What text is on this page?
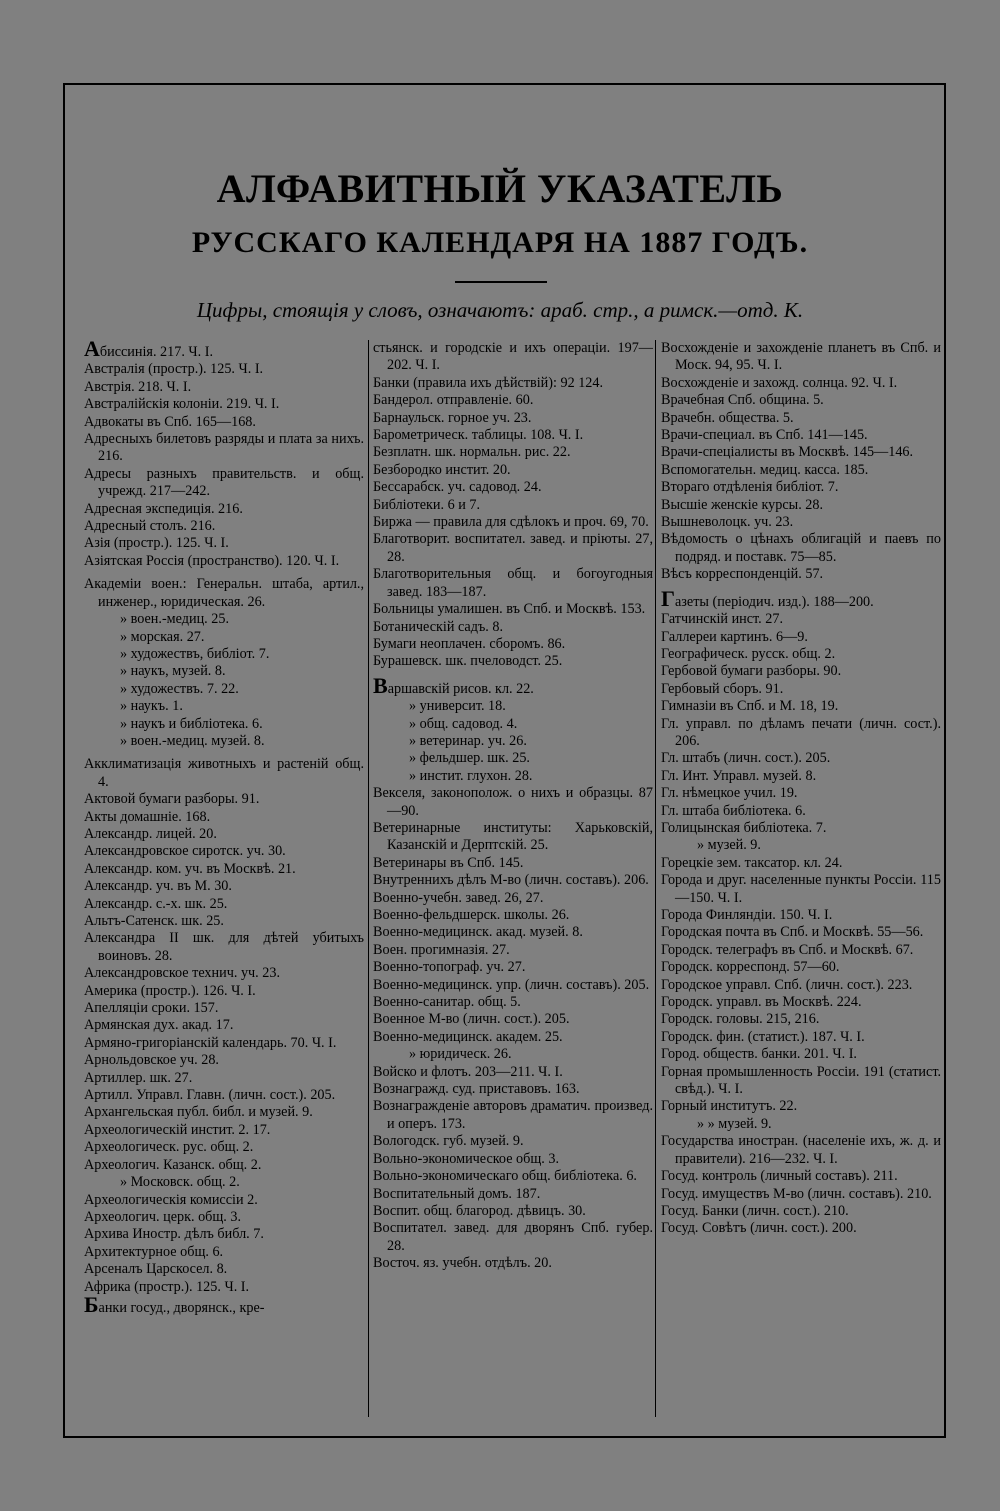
АЛФАВИТНЫЙ УКАЗАТЕЛЬ
РУССКАГО КАЛЕНДАРЯ НА 1887 ГОДЪ.
Цифры, стоящія у словъ, означаютъ: араб. стр., а римск.—отд. К.
Абиссинія. 217. Ч. I.
Австралія (простр.). 125. Ч. I.
Австрія. 218. Ч. I.
Австралійскія колоніи. 219. Ч. I.
Адвокаты въ Спб. 165—168.
Адресныхъ билетовъ разряды и плата за нихъ. 216.
Адресы разныхъ правительств. и общ. учрежд. 217—242.
Адресная экспедиція. 216.
Адресный столъ. 216.
Азія (простр.). 125. Ч. I.
Азіятская Россія (пространство). 120. Ч. I.
Академіи воен.: Генеральн. штаба, артил., инженер., юридическая. 26.
» воен.-медиц. 25.
» морская. 27.
» художествъ, библіот. 7.
» наукъ, музей. 8.
» художествъ. 7. 22.
» наукъ. 1.
» наукъ и библіотека. 6.
» воен.-медиц. музей. 8.
Акклиматизація животныхъ и растеній общ. 4.
Актовой бумаги разборы. 91.
Акты домашніе. 168.
Александр. лицей. 20.
Александровское сиротск. уч. 30.
Александр. ком. уч. въ Москвѣ. 21.
Александр. уч. въ М. 30.
Александр. с.-х. шк. 25.
Альтъ-Сатенск. шк. 25.
Александра II шк. для дѣтей убитыхъ воиновъ. 28.
Александровское технич. уч. 23.
Америка (простр.). 126. Ч. I.
Апелляціи сроки. 157.
Армянская дух. акад. 17.
Армяно-григоріанскій календарь. 70. Ч. I.
Арнольдовское уч. 28.
Артиллер. шк. 27.
Артилл. Управл. Главн. (личн. сост.). 205.
Архангельская публ. библ. и музей. 9.
Археологическій инстит. 2. 17.
Археологическ. рус. общ. 2.
Археологич. Казанск. общ. 2.
» Московск. общ. 2.
Археологическія комиссіи 2.
Археологич. церк. общ. 3.
Архива Иностр. дѣлъ библ. 7.
Архитектурное общ. 6.
Арсеналъ Царскосел. 8.
Африка (простр.). 125. Ч. I.
Банки госуд., дворянск., кре-
стьянск. и городскіе и ихъ операціи. 197—202. Ч. I.
Банки (правила ихъ дѣйствій): 92 124.
Бандерол. отправленіе. 60.
Барнаульск. горное уч. 23.
Барометрическ. таблицы. 108. Ч. I.
Безплатн. шк. нормальн. рис. 22.
Безбородко инстит. 20.
Бессарабск. уч. садовод. 24.
Библіотеки. 6 и 7.
Биржа — правила для сдѣлокъ и проч. 69, 70.
Благотворит. воспитател. завед. и пріюты. 27, 28.
Благотворительныя общ. и богоугодныя завед. 183—187.
Больницы умалишен. въ Спб. и Москвѣ. 153.
Ботаническій садъ. 8.
Бумаги неоплачен. сборомъ. 86.
Бурашевск. шк. пчеловодст. 25.
Варшавскій рисов. кл. 22.
» университ. 18.
» общ. садовод. 4.
» ветеринар. уч. 26.
» фельдшер. шк. 25.
» инстит. глухон. 28.
Векселя, законополож. о нихъ и образцы. 87—90.
Ветеринарные институты: Харьковскій, Казанскій и Дерптскій. 25.
Ветеринары въ Спб. 145.
Внутреннихъ дѣлъ М-во (личн. составъ). 206.
Военно-учебн. завед. 26, 27.
Военно-фельдшерск. школы. 26.
Военно-медицинск. акад. музей. 8.
Воен. прогимназія. 27.
Военно-топограф. уч. 27.
Военно-медицинск. упр. (личн. составъ). 205.
Военно-санитар. общ. 5.
Военное М-во (личн. сост.). 205.
Военно-медицинск. академ. 25.
» юридическ. 26.
Войско и флотъ. 203—211. Ч. I.
Вознагражд. суд. приставовъ. 163.
Вознагражденіе авторовъ драматич. произвед. и оперъ. 173.
Вологодск. губ. музей. 9.
Вольно-экономическое общ. 3.
Вольно-экономическаго общ. библіотека. 6.
Воспитательный домъ. 187.
Воспит. общ. благород. дѣвицъ. 30.
Воспитател. завед. для дворянъ Спб. губер. 28.
Восточ. яз. учебн. отдѣлъ. 20.
Восхожденіе и захожденіе планетъ въ Спб. и Моск. 94, 95. Ч. I.
Восхожденіе и захожд. солнца. 92. Ч. I.
Врачебная Спб. община. 5.
Врачебн. общества. 5.
Врачи-специал. въ Спб. 141—145.
Врачи-спеціалисты въ Москвѣ. 145—146.
Вспомогательн. медиц. касса. 185.
Втораго отдѣленія библіот. 7.
Высшіе женскіе курсы. 28.
Вышневолоцк. уч. 23.
Вѣдомость о цѣнахъ облигацій и паевъ по подряд. и поставк. 75—85.
Вѣсъ корреспонденцій. 57.
Газеты (періодич. изд.). 188—200.
Гатчинскій инст. 27.
Галлереи картинъ. 6—9.
Географическ. русск. общ. 2.
Гербовой бумаги разборы. 90.
Гербовый сборъ. 91.
Гимназіи въ Спб. и М. 18, 19.
Гл. управл. по дѣламъ печати (личн. сост.). 206.
Гл. штабъ (личн. сост.). 205.
Гл. Инт. Управл. музей. 8.
Гл. нѣмецкое учил. 19.
Гл. штаба библіотека. 6.
Голицынская библіотека. 7.
» музей. 9.
Горецкіе зем. таксатор. кл. 24.
Города и друг. населенные пункты Россіи. 115—150. Ч. I.
Города Финляндіи. 150. Ч. I.
Городская почта въ Спб. и Москвѣ. 55—56.
Городск. телеграфъ въ Спб. и Москвѣ. 67.
Городск. корреспонд. 57—60.
Городское управл. Спб. (личн. сост.). 223.
Городск. управл. въ Москвѣ. 224.
Городск. головы. 215, 216.
Городск. фин. (статист.). 187. Ч. I.
Город. обществ. банки. 201. Ч. I.
Горная промышленность Россіи. 191 (статист. свѣд.). Ч. I.
Горный институтъ. 22.
» » музей. 9.
Государства иностран. (населеніе ихъ, ж. д. и правители). 216—232. Ч. I.
Госуд. контроль (личный составъ). 211.
Госуд. имуществъ М-во (личн. составъ). 210.
Госуд. Банки (личн. сост.). 210.
Госуд. Совѣтъ (личн. сост.). 200.
